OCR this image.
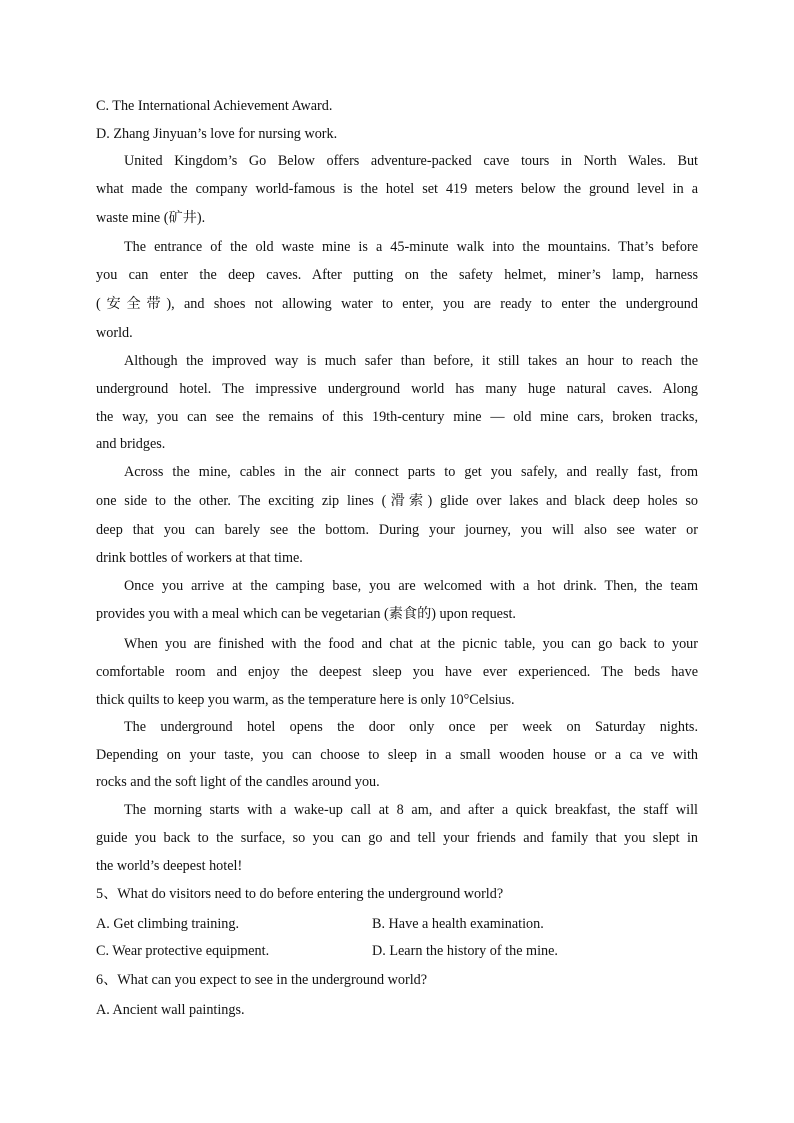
C. The International Achievement Award.
D. Zhang Jinyuan’s love for nursing work.
United Kingdom’s Go Below offers adventure-packed cave tours in North Wales. But
what made the company world-famous is the hotel set 419 meters below the ground level in a
waste mine (矿井).
The entrance of the old waste mine is a 45-minute walk into the mountains. That’s before
you can enter the deep caves. After putting on the safety helmet, miner’s lamp, harness
(安全带), and shoes not allowing water to enter, you are ready to enter the underground
world.
Although the improved way is much safer than before, it still takes an hour to reach the
underground hotel. The impressive underground world has many huge natural caves. Along
the way, you can see the remains of this 19th-century mine — old mine cars, broken tracks,
and bridges.
Across the mine, cables in the air connect parts to get you safely, and really fast, from
one side to the other. The exciting zip lines (滑索) glide over lakes and black deep holes so
deep that you can barely see the bottom. During your journey, you will also see water or
drink bottles of workers at that time.
Once you arrive at the camping base, you are welcomed with a hot drink. Then, the team
provides you with a meal which can be vegetarian (素食的) upon request.
When you are finished with the food and chat at the picnic table, you can go back to your
comfortable room and enjoy the deepest sleep you have ever experienced. The beds have
thick quilts to keep you warm, as the temperature here is only 10°Celsius.
The underground hotel opens the door only once per week on Saturday nights.
Depending on your taste, you can choose to sleep in a small wooden house or a ca ve with
rocks and the soft light of the candles around you.
The morning starts with a wake-up call at 8 am, and after a quick breakfast, the staff will
guide you back to the surface, so you can go and tell your friends and family that you slept in
the world’s deepest hotel!
5、What do visitors need to do before entering the underground world?
A. Get climbing training.	B. Have a health examination.
C. Wear protective equipment.	D. Learn the history of the mine.
6、What can you expect to see in the underground world?
A. Ancient wall paintings.
